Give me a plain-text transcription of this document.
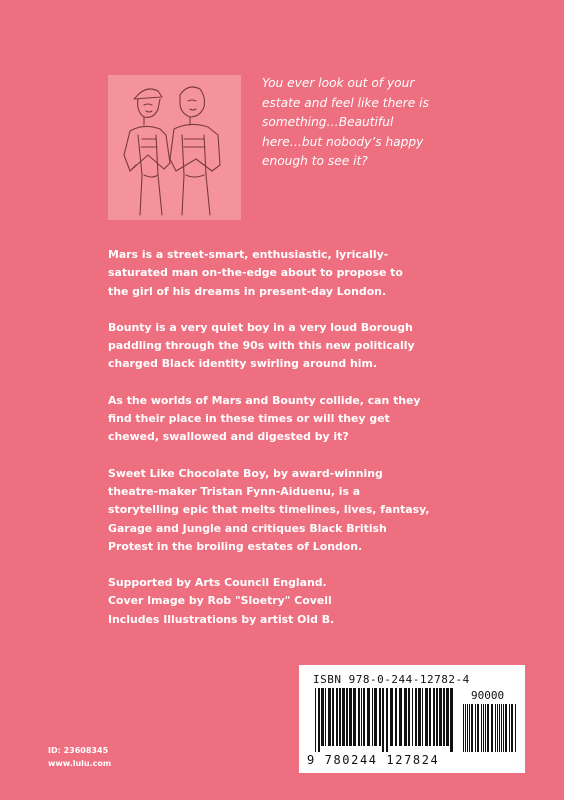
You ever look out of your
estate and feel like there is
something…Beautiful
here…but nobody’s happy
enough to see it?

Mars is a street-smart, enthusiastic, lyrically-
saturated man on-the-edge about to propose to
the girl of his dreams in present-day London.

Bounty is a very quiet boy in a very loud Borough
paddling through the 90s with this new politically
charged Black identity swirling around him.

As the worlds of Mars and Bounty collide, can they
find their place in these times or will they get
chewed, swallowed and digested by it?

Sweet Like Chocolate Boy, by award-winning
theatre-maker Tristan Fynn-Aiduenu, is a
storytelling epic that melts timelines, lives, fantasy,
Garage and Jungle and critiques Black British
Protest in the broiling estates of London.

Supported by Arts Council England.
Cover Image by Rob "Sloetry" Covell
Includes Illustrations by artist Old B.
ISBN 978-0-244-12782-4
90000
9 780244 127824
ID: 23608345
www.lulu.com
